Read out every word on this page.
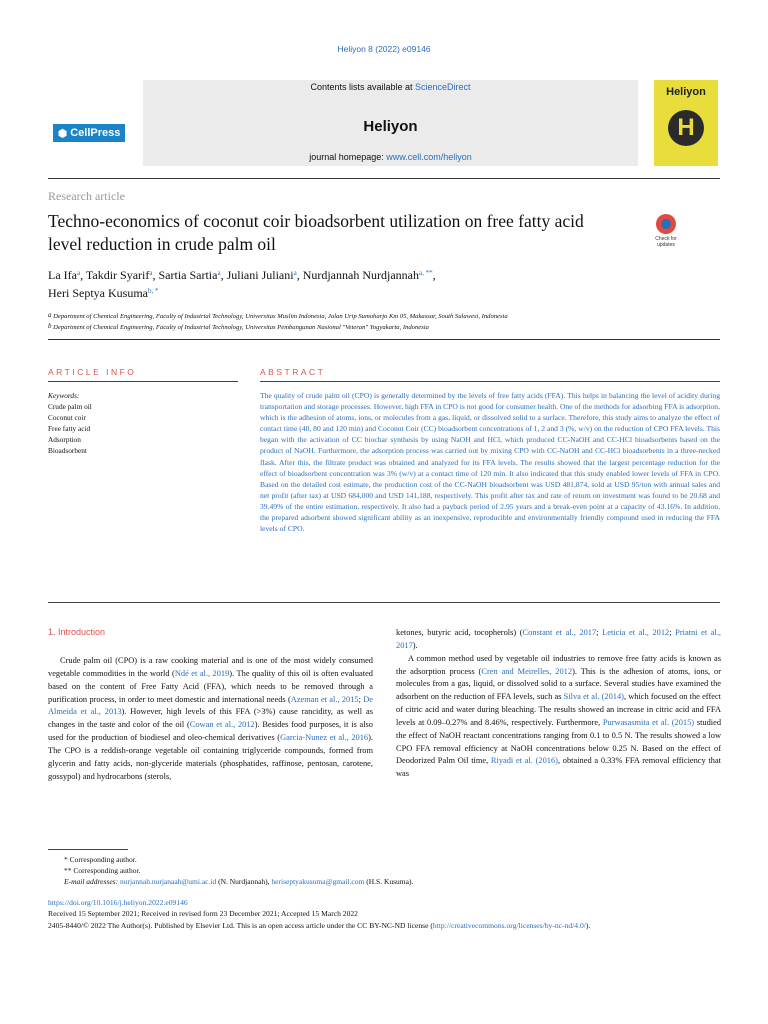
Heliyon 8 (2022) e09146
⬢ CellPress
Contents lists available at ScienceDirect
Heliyon
journal homepage: www.cell.com/heliyon
Heliyon
H
Research article
Techno-economics of coconut coir bioadsorbent utilization on free fatty acid level reduction in crude palm oil	Check for updates
La Ifa$^a$, Takdir Syarif$^a$, Sartia Sartia$^a$, Juliani Juliani$^a$, Nurdjannah Nurdjannah$^{a, **}$,
Heri Septya Kusuma$^{b, *}$
$^a$ Department of Chemical Engineering, Faculty of Industrial Technology, Universitas Muslim Indonesia, Jalan Urip Sumoharjo Km 05, Makassar, South Sulawesi, Indonesia
$^b$ Department of Chemical Engineering, Faculty of Industrial Technology, Universitas Pembangunan Nasional "Veteran" Yogyakarta, Indonesia
ARTICLE INFO	ABSTRACT
Keywords:
Crude palm oil
Coconut coir
Free fatty acid
Adsorption
Bioadsorbent
The quality of crude palm oil (CPO) is generally determined by the levels of free fatty acids (FFA). This helps in balancing the level of acidity during transportation and storage processes. However, high FFA in CPO is not good for consumer health. One of the methods for adsorbing FFA is adsorption, which is the adhesion of atoms, ions, or molecules from a gas, liquid, or dissolved solid to a surface. Therefore, this study aims to analyze the effect of contact time (40, 80 and 120 min) and Coconut Coir (CC) bioadsorbent concentrations of 1, 2 and 3 (%, w/v) on the reduction of CPO FFA levels. This began with the activation of CC biochar synthesis by using NaOH and HCl, which produced CC-NaOH and CC-HCl bioadsorbents based on the product of NaOH. Furthermore, the adsorption process was carried out by mixing CPO with CC-NaOH and CC-HCl bioadsorbents in a three-necked flask. After this, the filtrate product was obtained and analyzed for its FFA levels. The results showed that the largest percentage reduction for the effect of bioadsorbent concentration was 3% (w/v) at a contact time of 120 min. It also indicated that this study enabled lower levels of FFA in CPO. Based on the detailed cost estimate, the production cost of the CC-NaOH bioadsorbent was USD 481,874, sold at USD 95/ton with annual sales and net profit (after tax) at USD 684,000 and USD 141,188, respectively. This profit after tax and rate of return on investment was found to be 20.68 and 39.49% of the entire estimation, respectively. It also had a payback period of 2.95 years and a break-even point at a capacity of 43.16%. In addition, the prepared adsorbent showed significant ability as an inexpensive, reproducible and environmentally friendly compound used in reducing the FFA levels of CPO.
1. Introduction
Crude palm oil (CPO) is a raw cooking material and is one of the most widely consumed vegetable commodities in the world (Ndé et al., 2019). The quality of this oil is often evaluated based on the content of Free Fatty Acid (FFA), which needs to be removed through a purification process, in order to meet domestic and international needs (Azeman et al., 2015; De Almeida et al., 2013). However, high levels of this FFA (>3%) cause rancidity, as well as changes in the taste and color of the oil (Cowan et al., 2012). Besides food purposes, it is also used for the production of biodiesel and oleo-chemical derivatives (Garcia-Nunez et al., 2016). The CPO is a reddish-orange vegetable oil containing triglyceride compounds, formed from glycerin and fatty acids, non-glyceride materials (phosphatides, raffinose, pentosan, carotene, gossypol) and hydrocarbons (sterols,
ketones, butyric acid, tocopherols) (Constant et al., 2017; Leticia et al., 2012; Priatni et al., 2017).
A common method used by vegetable oil industries to remove free fatty acids is known as the adsorption process (Cren and Meirelles, 2012). This is the adhesion of atoms, ions, or molecules from a gas, liquid, or dissolved solid to a surface. Several studies have examined the adsorbent on the reduction of FFA levels, such as Silva et al. (2014), which focused on the effect of citric acid and water during bleaching. The results showed an increase in citric acid and FFA levels at 0.09–0.27% and 8.46%, respectively. Furthermore, Purwasasmita et al. (2015) studied the effect of NaOH reactant concentrations ranging from 0.1 to 0.5 N. The results showed a low CPO FFA removal efficiency at NaOH concentrations below 0.25 N. Based on the effect of Deodorized Palm Oil time, Riyadi et al. (2016), obtained a 0.33% FFA removal efficiency that was
* Corresponding author.
** Corresponding author.
E-mail addresses: nurjannah.nurjanaah@umi.ac.id (N. Nurdjannah), heriseptyakusuma@gmail.com (H.S. Kusuma).
https://doi.org/10.1016/j.heliyon.2022.e09146
Received 15 September 2021; Received in revised form 23 December 2021; Accepted 15 March 2022
2405-8440/© 2022 The Author(s). Published by Elsevier Ltd. This is an open access article under the CC BY-NC-ND license (http://creativecommons.org/licenses/by-nc-nd/4.0/).
